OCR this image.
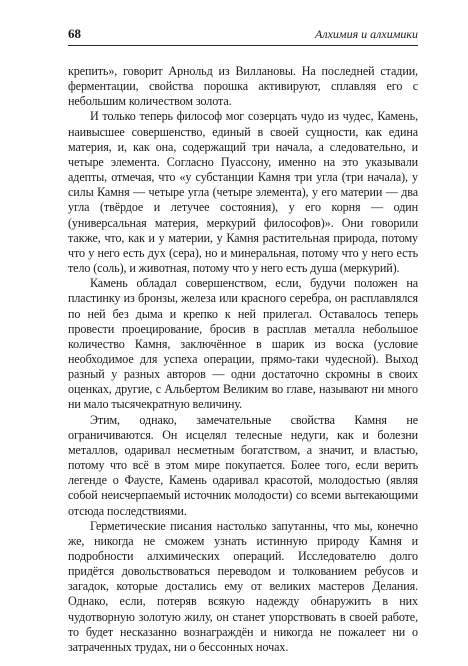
68	Алхимия и алхимики

крепить», говорит Арнольд из Виллановы. На последней стадии, ферментации, свойства порошка активируют, сплавляя его с небольшим количеством золота.

И только теперь философ мог созерцать чудо из чудес, Камень, наивысшее совершенство, единый в своей сущности, как едина материя, и, как она, содержащий три начала, а следовательно, и четыре элемента. Согласно Пуассону, именно на это указывали адепты, отмечая, что «у субстанции Камня три угла (три начала), у силы Камня — четыре угла (четыре элемента), у его материи — два угла (твёрдое и летучее состояния), у его корня — один (универсальная материя, меркурий философов)». Они говорили также, что, как и у материи, у Камня растительная природа, потому что у него есть дух (сера), но и минеральная, потому что у него есть тело (соль), и животная, потому что у него есть душа (меркурий).

Камень обладал совершенством, если, будучи положен на пластинку из бронзы, железа или красного серебра, он расплавлялся по ней без дыма и крепко к ней прилегал. Оставалось теперь провести проецирование, бросив в расплав металла небольшое количество Камня, заключённое в шарик из воска (условие необходимое для успеха операции, прямо-таки чудесной). Выход разный у разных авторов — одни достаточно скромны в своих оценках, другие, с Альбертом Великим во главе, называют ни много ни мало тысячекратную величину.

Этим, однако, замечательные свойства Камня не ограничиваются. Он исцелял телесные недуги, как и болезни металлов, одаривал несметным богатством, а значит, и властью, потому что всё в этом мире покупается. Более того, если верить легенде о Фаусте, Камень одаривал красотой, молодостью (являя собой неисчерпаемый источник молодости) со всеми вытекающими отсюда последствиями.

Герметические писания настолько запутанны, что мы, конечно же, никогда не сможем узнать истинную природу Камня и подробности алхимических операций. Исследователю долго придётся довольствоваться переводом и толкованием ребусов и загадок, которые достались ему от великих мастеров Делания. Однако, если, потеряв всякую надежду обнаружить в них чудотворную золотую жилу, он станет упорствовать в своей работе, то будет несказанно вознаграждён и никогда не пожалеет ни о затраченных трудах, ни о бессонных ночах.
